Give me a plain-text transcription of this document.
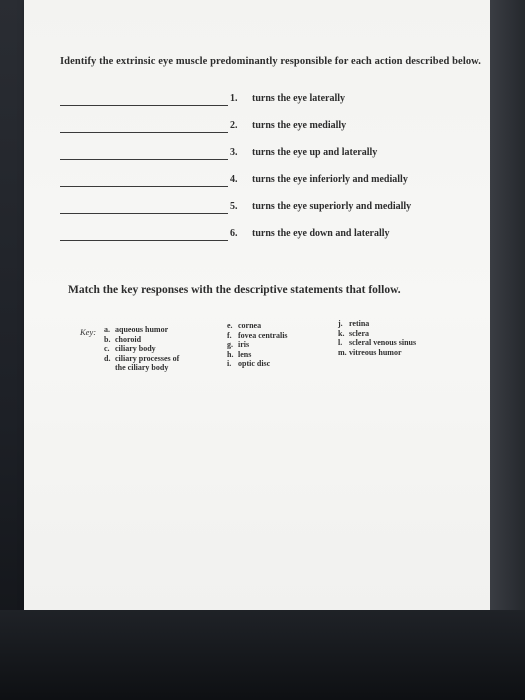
Identify the extrinsic eye muscle predominantly responsible for each action described below.
1. turns the eye laterally
2. turns the eye medially
3. turns the eye up and laterally
4. turns the eye inferiorly and medially
5. turns the eye superiorly and medially
6. turns the eye down and laterally
Match the key responses with the descriptive statements that follow.
Key: a. aqueous humor
b. choroid
c. ciliary body
d. ciliary processes of
the ciliary body
e. cornea
f. fovea centralis
g. iris
h. lens
i. optic disc
j. retina
k. sclera
l. scleral venous sinus
m. vitreous humor
